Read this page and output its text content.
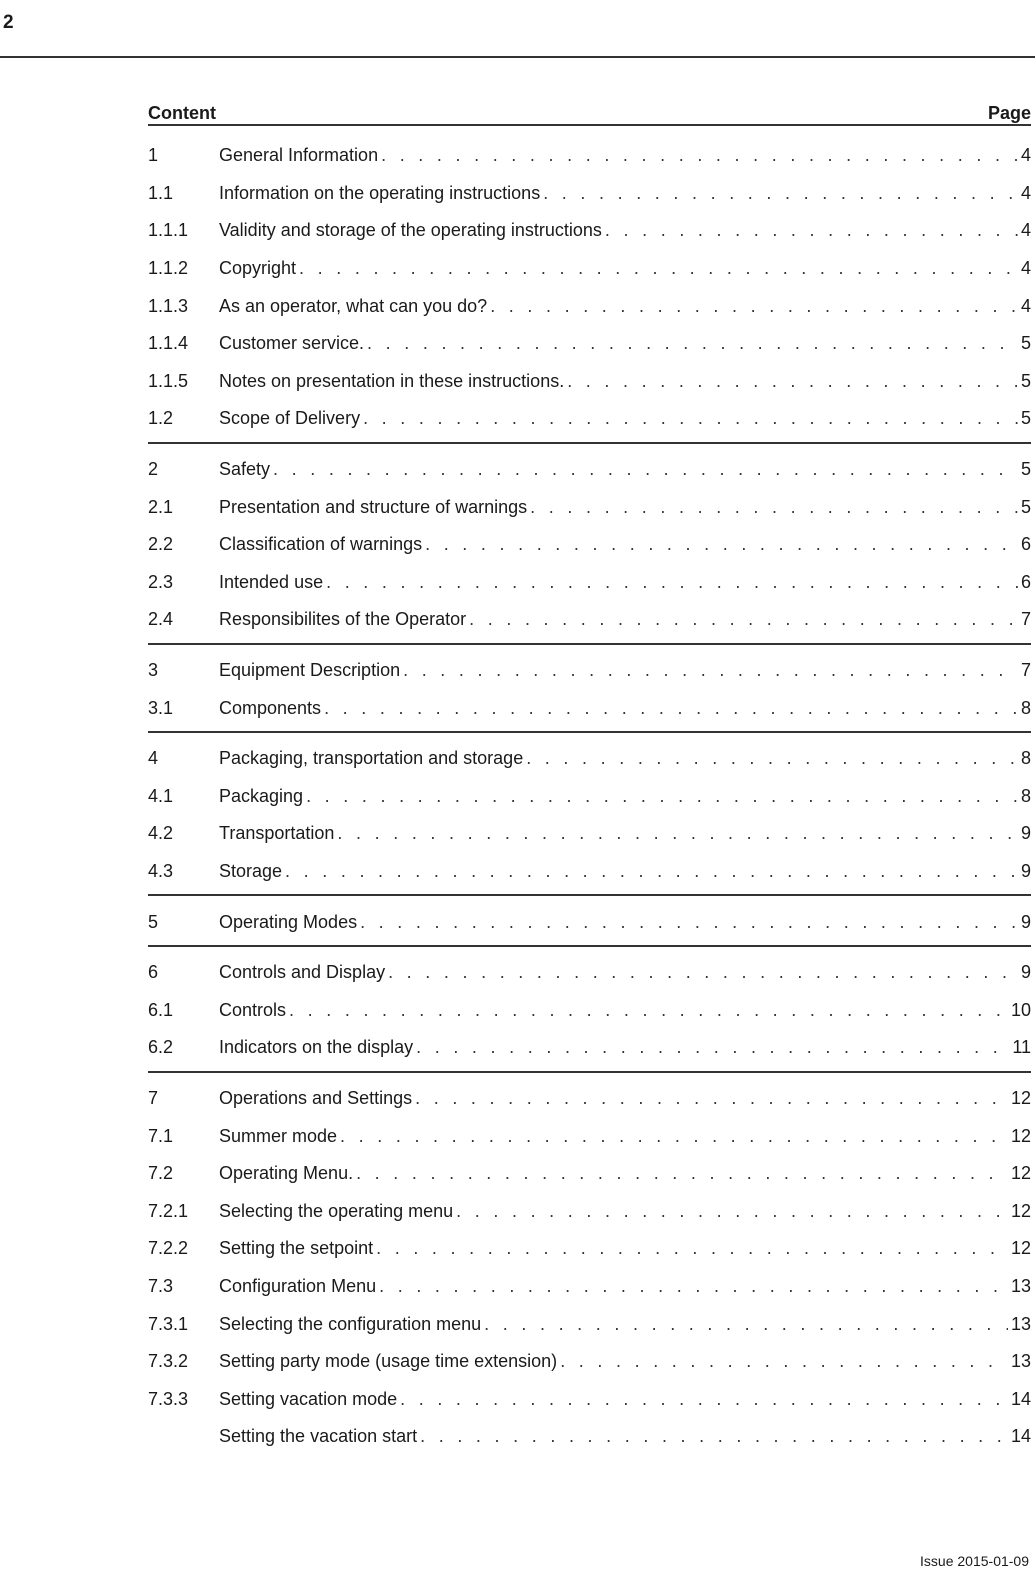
2
Content	Page
1	General Information . . .	4
1.1	Information on the operating instructions . . .	4
1.1.1	Validity and storage of the operating instructions . . .	4
1.1.2	Copyright . . .	4
1.1.3	As an operator, what can you do? . . .	4
1.1.4	Customer service. . . .	5
1.1.5	Notes on presentation in these instructions. . . .	5
1.2	Scope of Delivery . . .	5
2	Safety . . .	5
2.1	Presentation and structure of warnings . . .	5
2.2	Classification of warnings . . .	6
2.3	Intended use . . .	6
2.4	Responsibilites of the Operator . . .	7
3	Equipment Description . . .	7
3.1	Components . . .	8
4	Packaging, transportation and storage . . .	8
4.1	Packaging . . .	8
4.2	Transportation . . .	9
4.3	Storage . . .	9
5	Operating Modes . . .	9
6	Controls and Display . . .	9
6.1	Controls . . .	10
6.2	Indicators on the display . . .	11
7	Operations and Settings . . .	12
7.1	Summer mode . . .	12
7.2	Operating Menu. . . .	12
7.2.1	Selecting the operating menu . . .	12
7.2.2	Setting the setpoint . . .	12
7.3	Configuration Menu . . .	13
7.3.1	Selecting the configuration menu . . .	13
7.3.2	Setting party mode (usage time extension) . . .	13
7.3.3	Setting vacation mode . . .	14
Setting the vacation start . . .	14
Issue 2015-01-09
